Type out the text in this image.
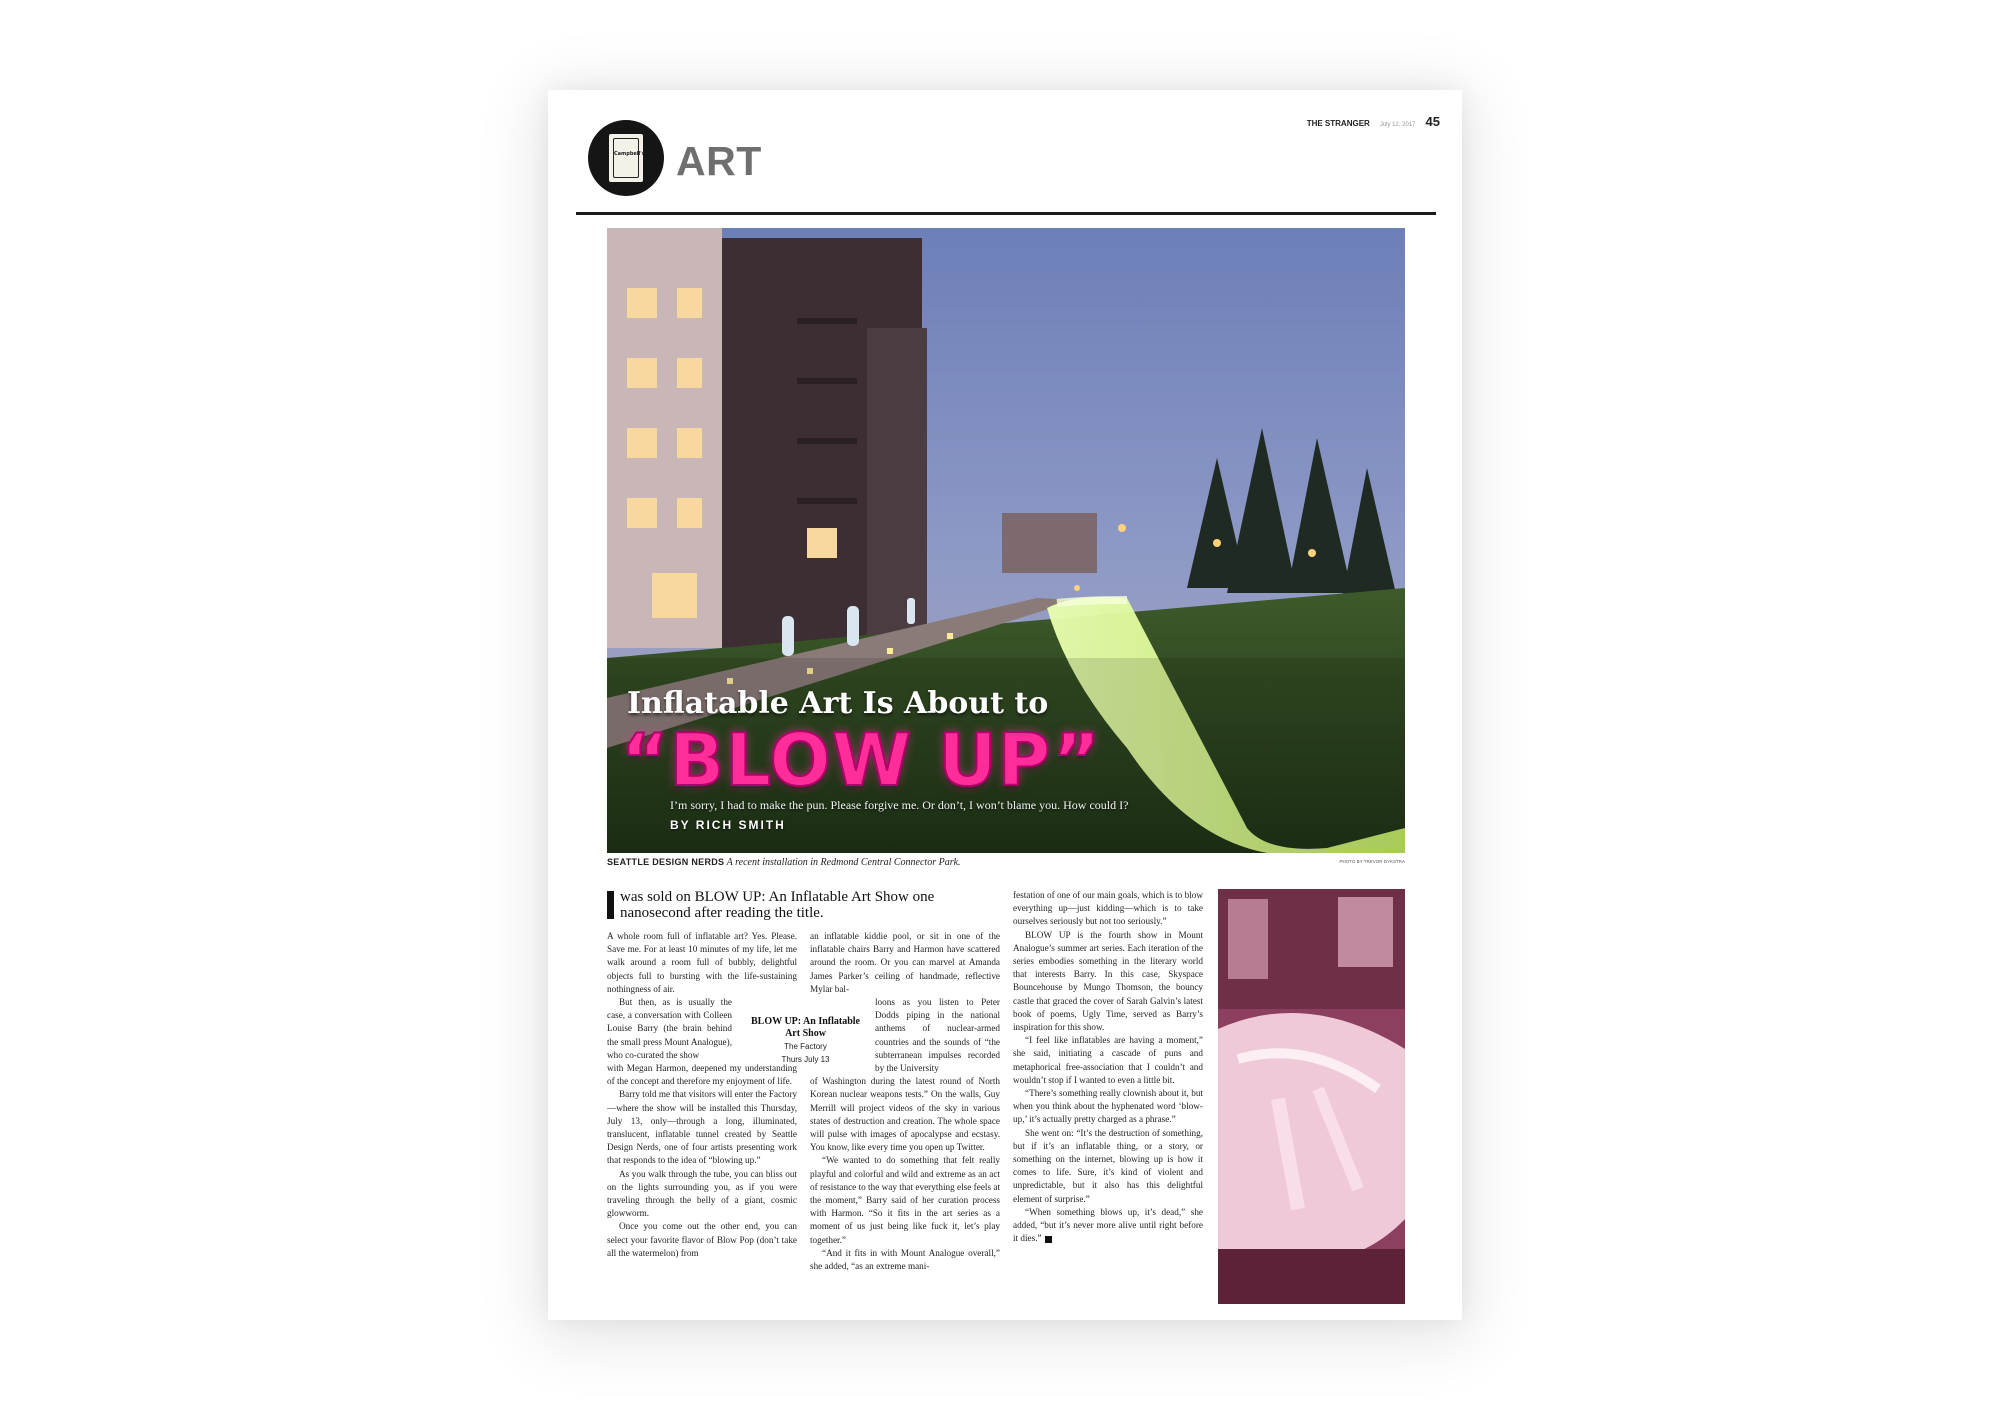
Campbell's ART
THE STRANGER July 12, 2017 45
Inflatable Art Is About to
“BLOW UP”
I’m sorry, I had to make the pun. Please forgive me. Or don’t, I won’t blame you. How could I?
BY RICH SMITH
SEATTLE DESIGN NERDS A recent installation in Redmond Central Connector Park.	PHOTO BY TREVOR DYKSTRA
was sold on BLOW UP: An Inflatable Art Show one nanosecond after reading the title.

A whole room full of inflatable art? Yes. Please. Save me. For at least 10 minutes of my life, let me walk around a room full of bubbly, delightful objects full to bursting with the life-sustaining nothingness of air.

But then, as is usually the case, a conversation with Colleen Louise Barry (the brain behind the small press Mount Analogue), who co-curated the show

with Megan Harmon, deepened my understanding of the concept and therefore my enjoyment of life.

Barry told me that visitors will enter the Factory—where the show will be installed this Thursday, July 13, only—through a long, illuminated, translucent, inflatable tunnel created by Seattle Design Nerds, one of four artists presenting work that responds to the idea of “blowing up.”

As you walk through the tube, you can bliss out on the lights surrounding you, as if you were traveling through the belly of a giant, cosmic glowworm.

Once you come out the other end, you can select your favorite flavor of Blow Pop (don’t take all the watermelon) from

BLOW UP: An Inflatable Art Show
The Factory
Thurs July 13

an inflatable kiddie pool, or sit in one of the inflatable chairs Barry and Harmon have scattered around the room. Or you can marvel at Amanda James Parker’s ceiling of handmade, reflective Mylar bal-

loons as you listen to Peter Dodds piping in the national anthems of nuclear-armed countries and the sounds of “the subterranean impulses recorded by the University

of Washington during the latest round of North Korean nuclear weapons tests.” On the walls, Guy Merrill will project videos of the sky in various states of destruction and creation. The whole space will pulse with images of apocalypse and ecstasy. You know, like every time you open up Twitter.

“We wanted to do something that felt really playful and colorful and wild and extreme as an act of resistance to the way that everything else feels at the moment,” Barry said of her curation process with Harmon. “So it fits in the art series as a moment of us just being like fuck it, let’s play together.”

“And it fits in with Mount Analogue overall,” she added, “as an extreme mani-

festation of one of our main goals, which is to blow everything up—just kidding—which is to take ourselves seriously but not too seriously.”

BLOW UP is the fourth show in Mount Analogue’s summer art series. Each iteration of the series embodies something in the literary world that interests Barry. In this case, Skyspace Bouncehouse by Mungo Thomson, the bouncy castle that graced the cover of Sarah Galvin’s latest book of poems, Ugly Time, served as Barry’s inspiration for this show.

“I feel like inflatables are having a moment,” she said, initiating a cascade of puns and metaphorical free-association that I couldn’t and wouldn’t stop if I wanted to even a little bit.

“There’s something really clownish about it, but when you think about the hyphenated word ‘blow-up,’ it’s actually pretty charged as a phrase.”

She went on: “It’s the destruction of something, but if it’s an inflatable thing, or a story, or something on the internet, blowing up is how it comes to life. Sure, it’s kind of violent and unpredictable, but it also has this delightful element of surprise.”

“When something blows up, it’s dead,” she added, “but it’s never more alive until right before it dies.”
